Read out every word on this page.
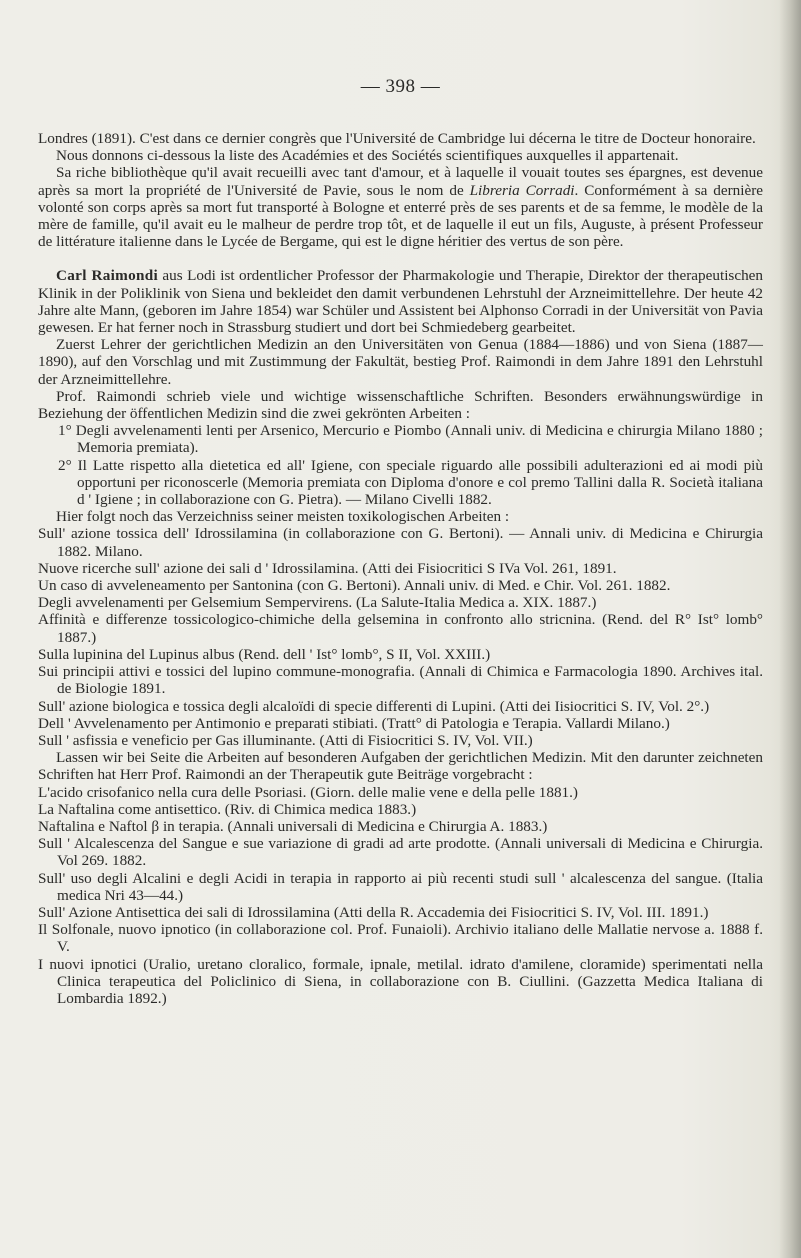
— 398 —

Londres (1891). C'est dans ce dernier congrès que l'Université de Cambridge lui décerna le titre de Docteur honoraire.

Nous donnons ci-dessous la liste des Académies et des Sociétés scientifiques auxquelles il appartenait.

Sa riche bibliothèque qu'il avait recueilli avec tant d'amour, et à laquelle il vouait toutes ses épargnes, est devenue après sa mort la propriété de l'Université de Pavie, sous le nom de Libreria Corradi. Conformément à sa dernière volonté son corps après sa mort fut transporté à Bologne et enterré près de ses parents et de sa femme, le modèle de la mère de famille, qu'il avait eu le malheur de perdre trop tôt, et de laquelle il eut un fils, Auguste, à présent Professeur de littérature italienne dans le Lycée de Bergame, qui est le digne héritier des vertus de son père.

Carl Raimondi aus Lodi ist ordentlicher Professor der Pharmakologie und Therapie, Direktor der therapeutischen Klinik in der Poliklinik von Siena und bekleidet den damit verbundenen Lehrstuhl der Arzneimittellehre. Der heute 42 Jahre alte Mann, (geboren im Jahre 1854) war Schüler und Assistent bei Alphonso Corradi in der Universität von Pavia gewesen. Er hat ferner noch in Strassburg studiert und dort bei Schmiedeberg gearbeitet.

Zuerst Lehrer der gerichtlichen Medizin an den Universitäten von Genua (1884—1886) und von Siena (1887—1890), auf den Vorschlag und mit Zustimmung der Fakultät, bestieg Prof. Raimondi in dem Jahre 1891 den Lehrstuhl der Arzneimittellehre.

Prof. Raimondi schrieb viele und wichtige wissenschaftliche Schriften. Besonders erwähnungswürdige in Beziehung der öffentlichen Medizin sind die zwei gekrönten Arbeiten :

1° Degli avvelenamenti lenti per Arsenico, Mercurio e Piombo (Annali univ. di Medicina e chirurgia Milano 1880 ; Memoria premiata).

2° Il Latte rispetto alla dietetica ed all' Igiene, con speciale riguardo alle possibili adulterazioni ed ai modi più opportuni per riconoscerle (Memoria premiata con Diploma d'onore e col premo Tallini dalla R. Società italiana d ' Igiene ; in collaborazione con G. Pietra). — Milano Civelli 1882.

Hier folgt noch das Verzeichniss seiner meisten toxikologischen Arbeiten :

Sull' azione tossica dell' Idrossilamina (in collaborazione con G. Bertoni). — Annali univ. di Medicina e Chirurgia 1882. Milano.

Nuove ricerche sull' azione dei sali d ' Idrossilamina. (Atti dei Fisiocritici S IVa Vol. 261, 1891.

Un caso di avveleneamento per Santonina (con G. Bertoni). Annali univ. di Med. e Chir. Vol. 261. 1882.

Degli avvelenamenti per Gelsemium Sempervirens. (La Salute-Italia Medica a. XIX. 1887.)

Affinità e differenze tossicologico-chimiche della gelsemina in confronto allo stricnina. (Rend. del R° Ist° lomb° 1887.)

Sulla lupinina del Lupinus albus (Rend. dell ' Ist° lomb°, S II, Vol. XXIII.)

Sui principii attivi e tossici del lupino commune-monografia. (Annali di Chimica e Farmacologia 1890. Archives ital. de Biologie 1891.

Sull' azione biologica e tossica degli alcaloïdi di specie differenti di Lupini. (Atti dei Iisiocritici S. IV, Vol. 2°.)

Dell ' Avvelenamento per Antimonio e preparati stibiati. (Tratt° di Patologia e Terapia. Vallardi Milano.)

Sull ' asfissia e veneficio per Gas illuminante. (Atti di Fisiocritici S. IV, Vol. VII.)

Lassen wir bei Seite die Arbeiten auf besonderen Aufgaben der gerichtlichen Medizin. Mit den darunter zeichneten Schriften hat Herr Prof. Raimondi an der Therapeutik gute Beiträge vorgebracht :

L'acido crisofanico nella cura delle Psoriasi. (Giorn. delle malie vene e della pelle 1881.)

La Naftalina come antisettico. (Riv. di Chimica medica 1883.)

Naftalina e Naftol β in terapia. (Annali universali di Medicina e Chirurgia A. 1883.)

Sull ' Alcalescenza del Sangue e sue variazione di gradi ad arte prodotte. (Annali universali di Medicina e Chirurgia. Vol 269. 1882.

Sull' uso degli Alcalini e degli Acidi in terapia in rapporto ai più recenti studi sull ' alcalescenza del sangue. (Italia medica Nri 43—44.)

Sull' Azione Antisettica dei sali di Idrossilamina (Atti della R. Accademia dei Fisiocritici S. IV, Vol. III. 1891.)

Il Solfonale, nuovo ipnotico (in collaborazione col. Prof. Funaioli). Archivio italiano delle Mallatie nervose a. 1888 f. V.

I nuovi ipnotici (Uralio, uretano cloralico, formale, ipnale, metilal. idrato d'amilene, cloramide) sperimentati nella Clinica terapeutica del Policlinico di Siena, in collaborazione con B. Ciullini. (Gazzetta Medica Italiana di Lombardia 1892.)
